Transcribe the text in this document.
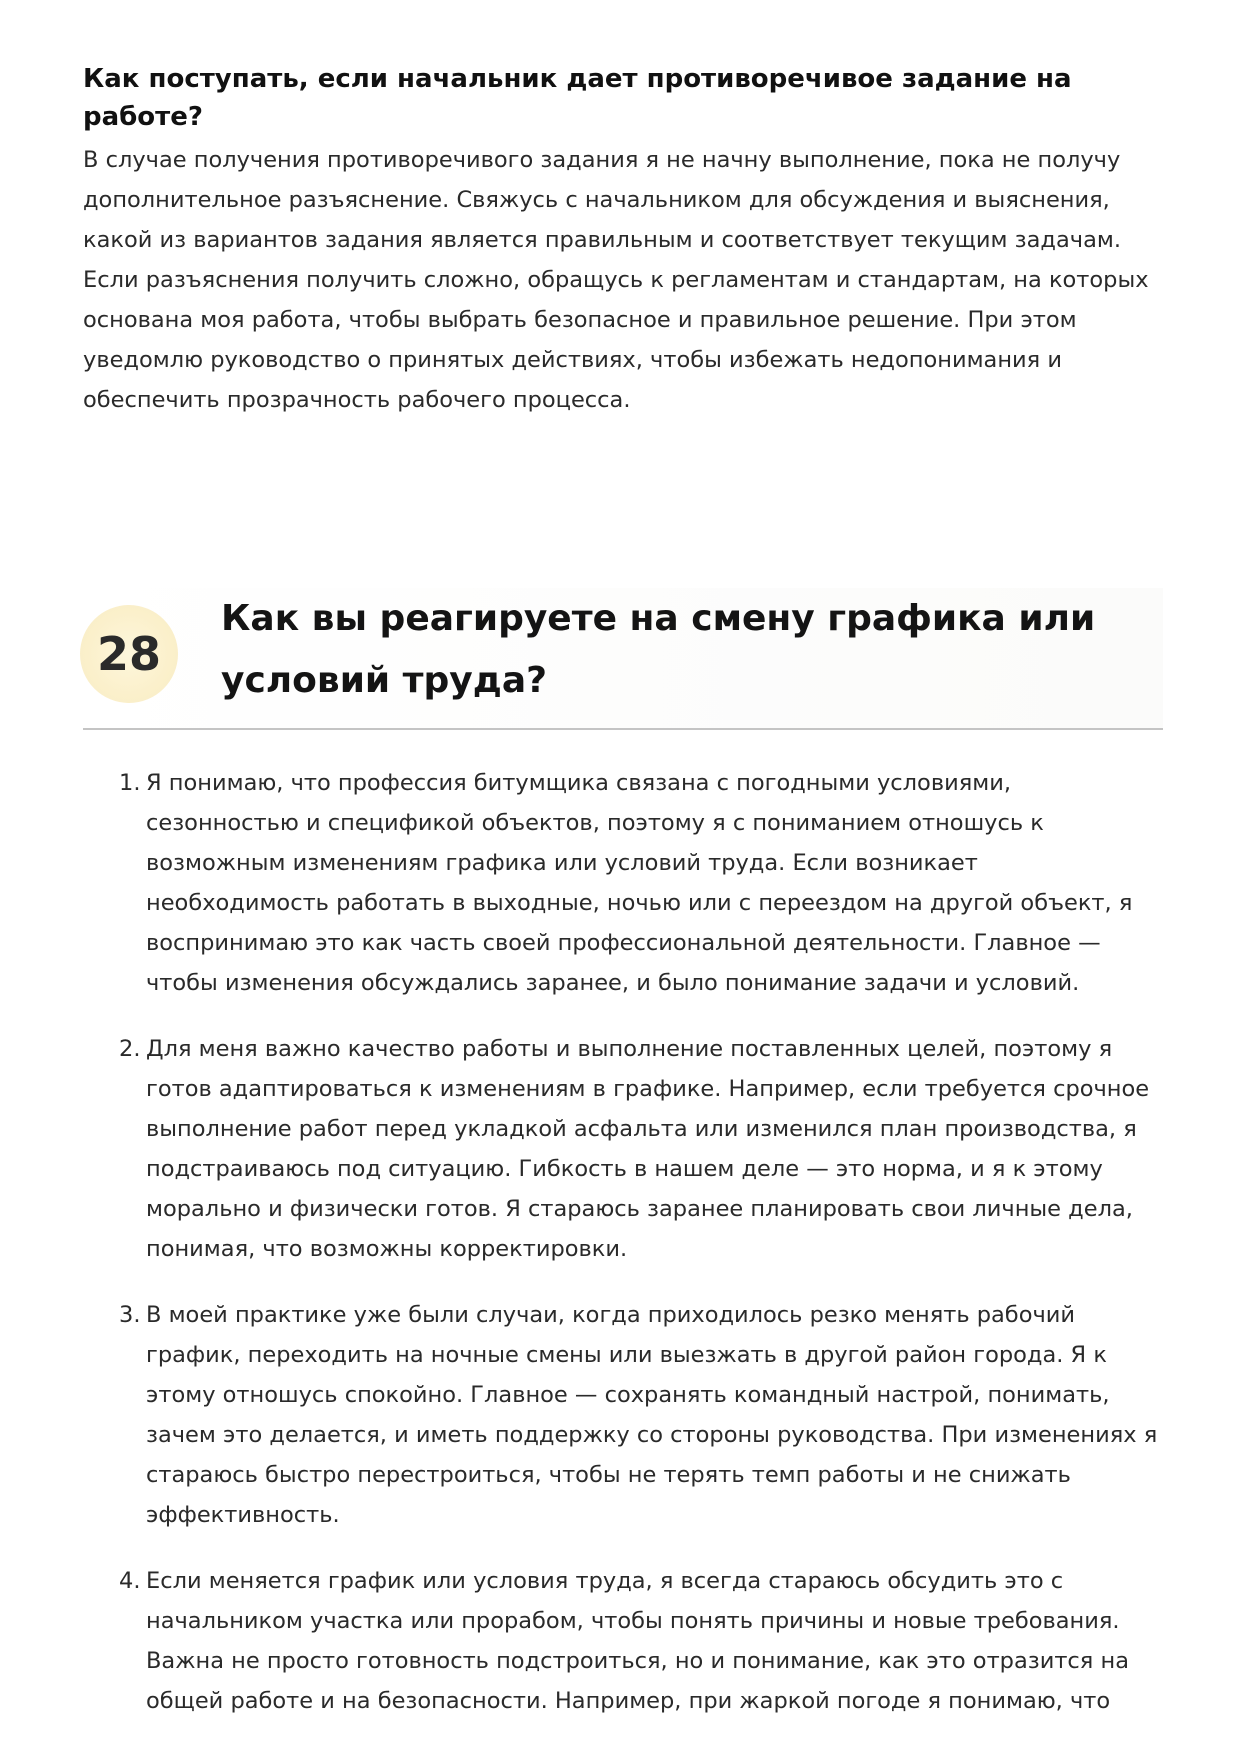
Как поступать, если начальник дает противоречивое задание на работе?

В случае получения противоречивого задания я не начну выполнение, пока не получу дополнительное разъяснение. Свяжусь с начальником для обсуждения и выяснения, какой из вариантов задания является правильным и соответствует текущим задачам. Если разъяснения получить сложно, обращусь к регламентам и стандартам, на которых основана моя работа, чтобы выбрать безопасное и правильное решение. При этом уведомлю руководство о принятых действиях, чтобы избежать недопонимания и обеспечить прозрачность рабочего процесса.

28
Как вы реагируете на смену графика или условий труда?
1. Я понимаю, что профессия битумщика связана с погодными условиями, сезонностью и спецификой объектов, поэтому я с пониманием отношусь к возможным изменениям графика или условий труда. Если возникает необходимость работать в выходные, ночью или с переездом на другой объект, я воспринимаю это как часть своей профессиональной деятельности. Главное — чтобы изменения обсуждались заранее, и было понимание задачи и условий.
2. Для меня важно качество работы и выполнение поставленных целей, поэтому я готов адаптироваться к изменениям в графике. Например, если требуется срочное выполнение работ перед укладкой асфальта или изменился план производства, я подстраиваюсь под ситуацию. Гибкость в нашем деле — это норма, и я к этому морально и физически готов. Я стараюсь заранее планировать свои личные дела, понимая, что возможны корректировки.
3. В моей практике уже были случаи, когда приходилось резко менять рабочий график, переходить на ночные смены или выезжать в другой район города. Я к этому отношусь спокойно. Главное — сохранять командный настрой, понимать, зачем это делается, и иметь поддержку со стороны руководства. При изменениях я стараюсь быстро перестроиться, чтобы не терять темп работы и не снижать эффективность.
4. Если меняется график или условия труда, я всегда стараюсь обсудить это с начальником участка или прорабом, чтобы понять причины и новые требования. Важна не просто готовность подстроиться, но и понимание, как это отразится на общей работе и на безопасности. Например, при жаркой погоде я понимаю, что
